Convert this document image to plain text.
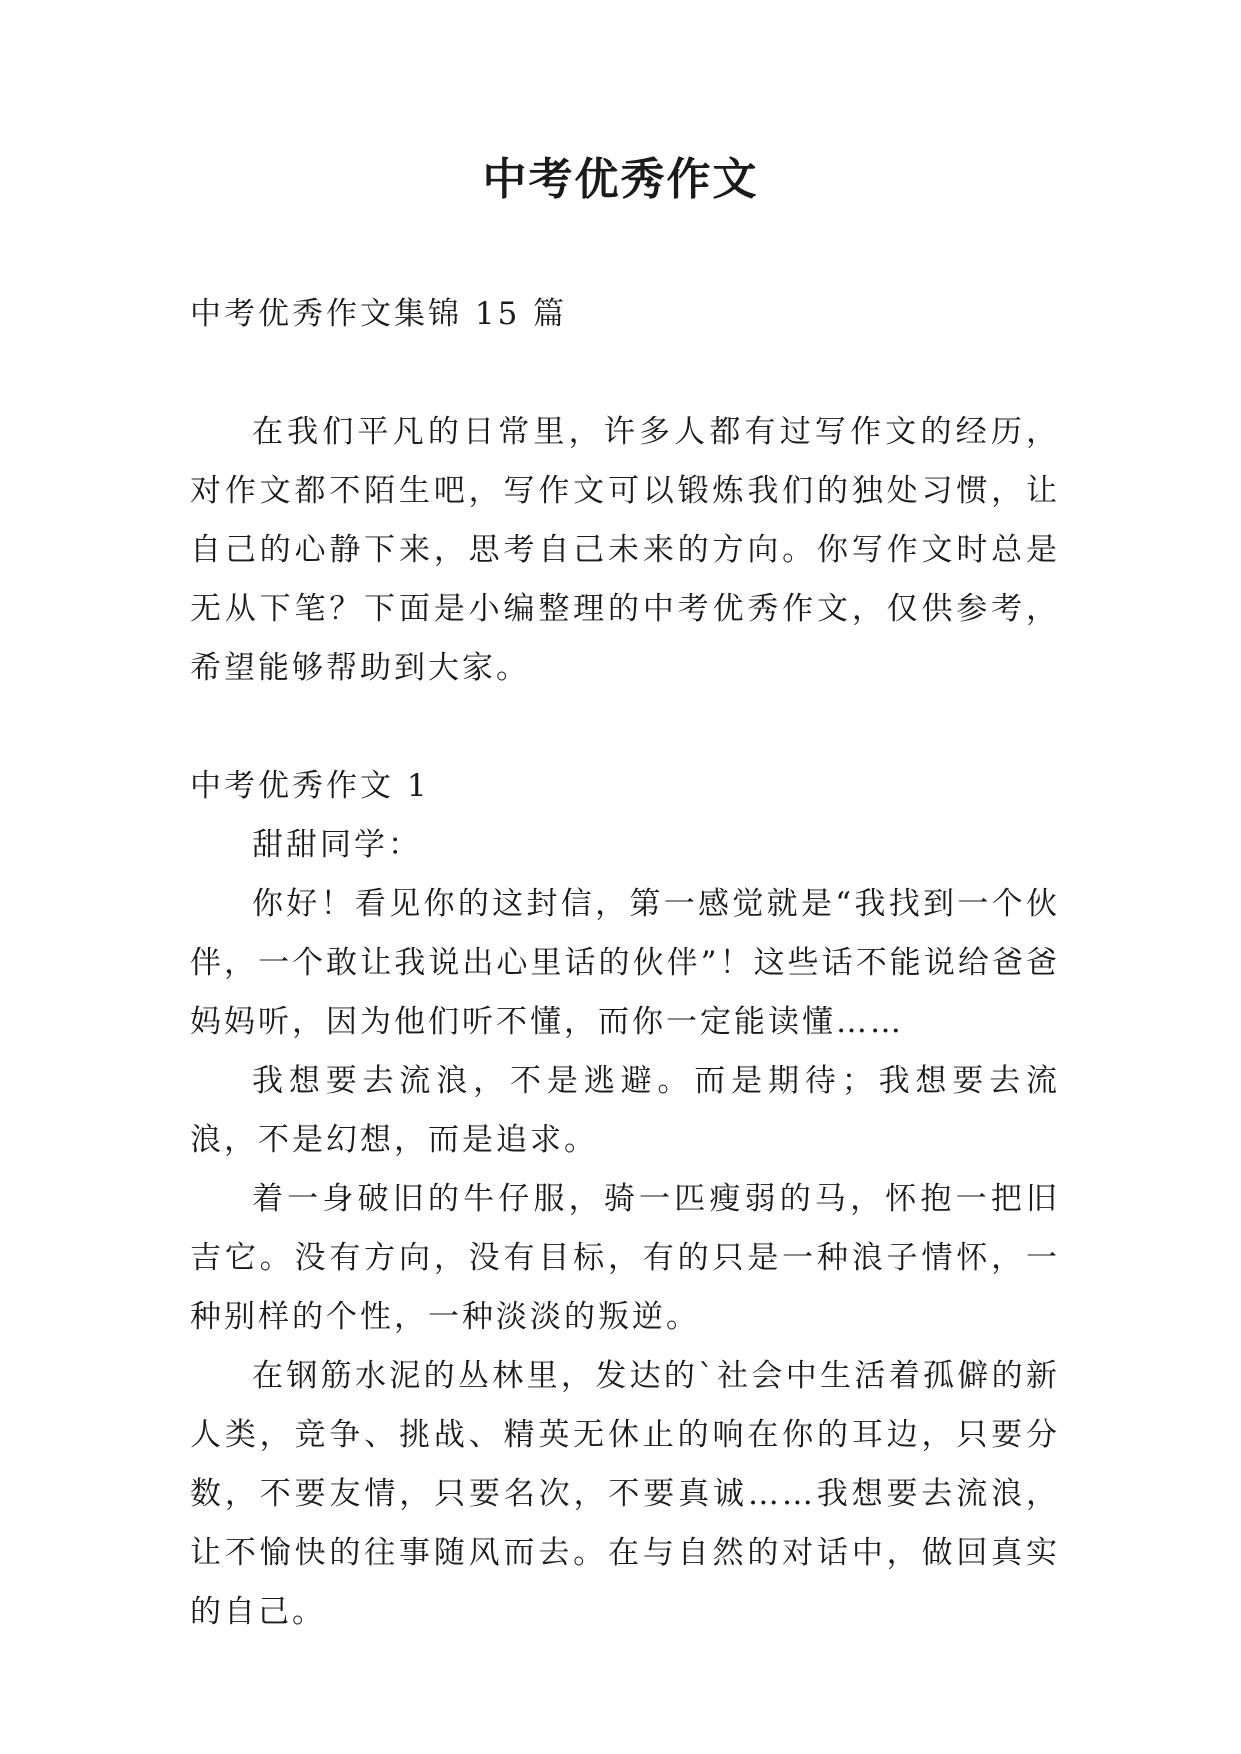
中考优秀作文

中考优秀作文集锦 15 篇

在我们平凡的日常里，许多人都有过写作文的经历，对作文都不陌生吧，写作文可以锻炼我们的独处习惯，让自己的心静下来，思考自己未来的方向。你写作文时总是无从下笔？下面是小编整理的中考优秀作文，仅供参考，希望能够帮助到大家。

中考优秀作文 1

甜甜同学：

你好！看见你的这封信，第一感觉就是“我找到一个伙伴，一个敢让我说出心里话的伙伴”！这些话不能说给爸爸妈妈听，因为他们听不懂，而你一定能读懂……

我想要去流浪，不是逃避。而是期待；我想要去流浪，不是幻想，而是追求。

着一身破旧的牛仔服，骑一匹瘦弱的马，怀抱一把旧吉它。没有方向，没有目标，有的只是一种浪子情怀，一种别样的个性，一种淡淡的叛逆。

在钢筋水泥的丛林里，发达的`社会中生活着孤僻的新人类，竞争、挑战、精英无休止的响在你的耳边，只要分数，不要友情，只要名次，不要真诚……我想要去流浪，让不愉快的往事随风而去。在与自然的对话中，做回真实的自己。
